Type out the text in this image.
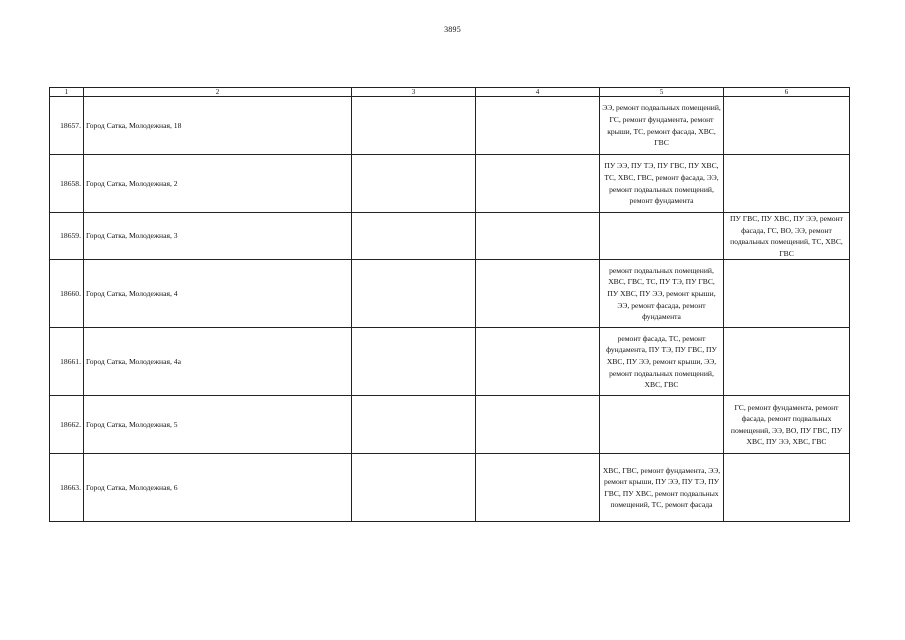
3895
1	2	3	4	5	6
18657.	Город Сатка, Молодежная, 18			ЭЭ, ремонт подвальных помещений, ГС, ремонт фундамента, ремонт крыши, ТС, ремонт фасада, ХВС, ГВС	
18658.	Город Сатка, Молодежная, 2			ПУ ЭЭ, ПУ ТЭ, ПУ ГВС, ПУ ХВС, ТС, ХВС, ГВС, ремонт фасада, ЭЭ, ремонт подвальных помещений, ремонт фундамента	
18659.	Город Сатка, Молодежная, 3				ПУ ГВС, ПУ ХВС, ПУ ЭЭ, ремонт фасада, ГС, ВО, ЭЭ, ремонт подвальных помещений, ТС, ХВС, ГВС
18660.	Город Сатка, Молодежная, 4			ремонт подвальных помещений, ХВС, ГВС, ТС, ПУ ТЭ, ПУ ГВС, ПУ ХВС, ПУ ЭЭ, ремонт крыши, ЭЭ, ремонт фасада, ремонт фундамента	
18661.	Город Сатка, Молодежная, 4а			ремонт фасада, ТС, ремонт фундамента, ПУ ТЭ, ПУ ГВС, ПУ ХВС, ПУ ЭЭ, ремонт крыши, ЭЭ, ремонт подвальных помещений, ХВС, ГВС	
18662.	Город Сатка, Молодежная, 5				ГС, ремонт фундамента, ремонт фасада, ремонт подвальных помещений, ЭЭ, ВО, ПУ ГВС, ПУ ХВС, ПУ ЭЭ, ХВС, ГВС
18663.	Город Сатка, Молодежная, 6			ХВС, ГВС, ремонт фундамента, ЭЭ, ремонт крыши, ПУ ЭЭ, ПУ ТЭ, ПУ ГВС, ПУ ХВС, ремонт подвальных помещений, ТС, ремонт фасада	
